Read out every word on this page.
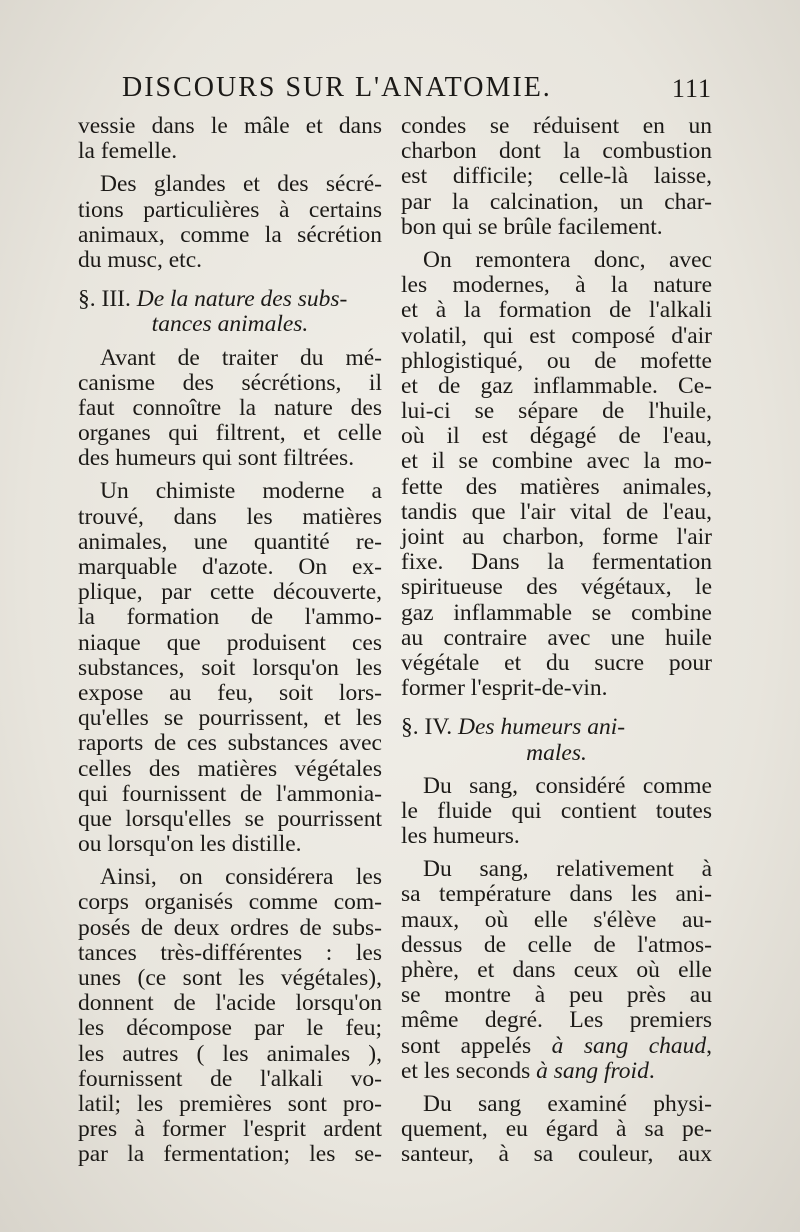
DISCOURS SUR L'ANATOMIE.	111
vessie dans le mâle et dans
la femelle.
Des glandes et des sécré-
tions particulières à certains
animaux, comme la sécrétion
du musc, etc.
§. III. De la nature des subs-
tances animales.
Avant de traiter du mé-
canisme des sécrétions, il
faut connoître la nature des
organes qui filtrent, et celle
des humeurs qui sont filtrées.
Un chimiste moderne a
trouvé, dans les matières
animales, une quantité re-
marquable d'azote. On ex-
plique, par cette découverte,
la formation de l'ammo-
niaque que produisent ces
substances, soit lorsqu'on les
expose au feu, soit lors-
qu'elles se pourrissent, et les
raports de ces substances avec
celles des matières végétales
qui fournissent de l'ammonia-
que lorsqu'elles se pourrissent
ou lorsqu'on les distille.
Ainsi, on considérera les
corps organisés comme com-
posés de deux ordres de subs-
tances très-différentes : les
unes (ce sont les végétales),
donnent de l'acide lorsqu'on
les décompose par le feu;
les autres ( les animales ),
fournissent de l'alkali vo-
latil; les premières sont pro-
pres à former l'esprit ardent
par la fermentation; les se-
condes se réduisent en un
charbon dont la combustion
est difficile; celle-là laisse,
par la calcination, un char-
bon qui se brûle facilement.
On remontera donc, avec
les modernes, à la nature
et à la formation de l'alkali
volatil, qui est composé d'air
phlogistiqué, ou de mofette
et de gaz inflammable. Ce-
lui-ci se sépare de l'huile,
où il est dégagé de l'eau,
et il se combine avec la mo-
fette des matières animales,
tandis que l'air vital de l'eau,
joint au charbon, forme l'air
fixe. Dans la fermentation
spiritueuse des végétaux, le
gaz inflammable se combine
au contraire avec une huile
végétale et du sucre pour
former l'esprit-de-vin.
§. IV. Des humeurs ani-
males.
Du sang, considéré comme
le fluide qui contient toutes
les humeurs.
Du sang, relativement à
sa température dans les ani-
maux, où elle s'élève au-
dessus de celle de l'atmos-
phère, et dans ceux où elle
se montre à peu près au
même degré. Les premiers
sont appelés à sang chaud,
et les seconds à sang froid.
Du sang examiné physi-
quement, eu égard à sa pe-
santeur, à sa couleur, aux
